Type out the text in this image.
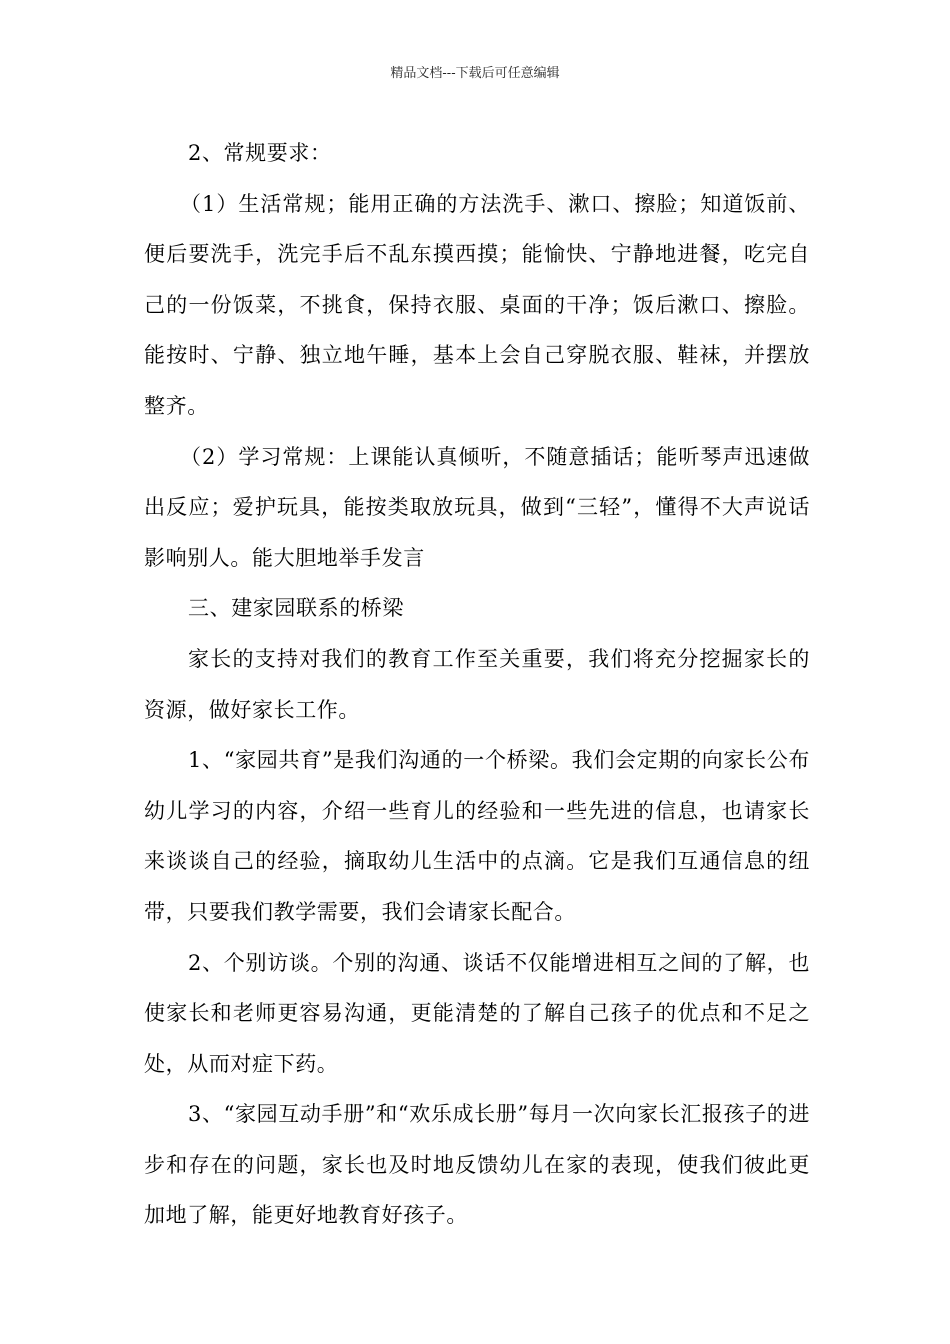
精品文档---下载后可任意编辑

2、常规要求：

（1）生活常规；能用正确的方法洗手、漱口、擦脸；知道饭前、便后要洗手，洗完手后不乱东摸西摸；能愉快、宁静地进餐，吃完自己的一份饭菜，不挑食，保持衣服、桌面的干净；饭后漱口、擦脸。能按时、宁静、独立地午睡，基本上会自己穿脱衣服、鞋袜，并摆放整齐。

（2）学习常规：上课能认真倾听，不随意插话；能听琴声迅速做出反应；爱护玩具，能按类取放玩具，做到“三轻”，懂得不大声说话影响别人。能大胆地举手发言

三、建家园联系的桥梁

家长的支持对我们的教育工作至关重要，我们将充分挖掘家长的资源，做好家长工作。

1、“家园共育”是我们沟通的一个桥梁。我们会定期的向家长公布幼儿学习的内容，介绍一些育儿的经验和一些先进的信息，也请家长来谈谈自己的经验，摘取幼儿生活中的点滴。它是我们互通信息的纽带，只要我们教学需要，我们会请家长配合。

2、个别访谈。个别的沟通、谈话不仅能增进相互之间的了解，也使家长和老师更容易沟通，更能清楚的了解自己孩子的优点和不足之处，从而对症下药。

3、“家园互动手册”和“欢乐成长册”每月一次向家长汇报孩子的进步和存在的问题，家长也及时地反馈幼儿在家的表现，使我们彼此更加地了解，能更好地教育好孩子。
